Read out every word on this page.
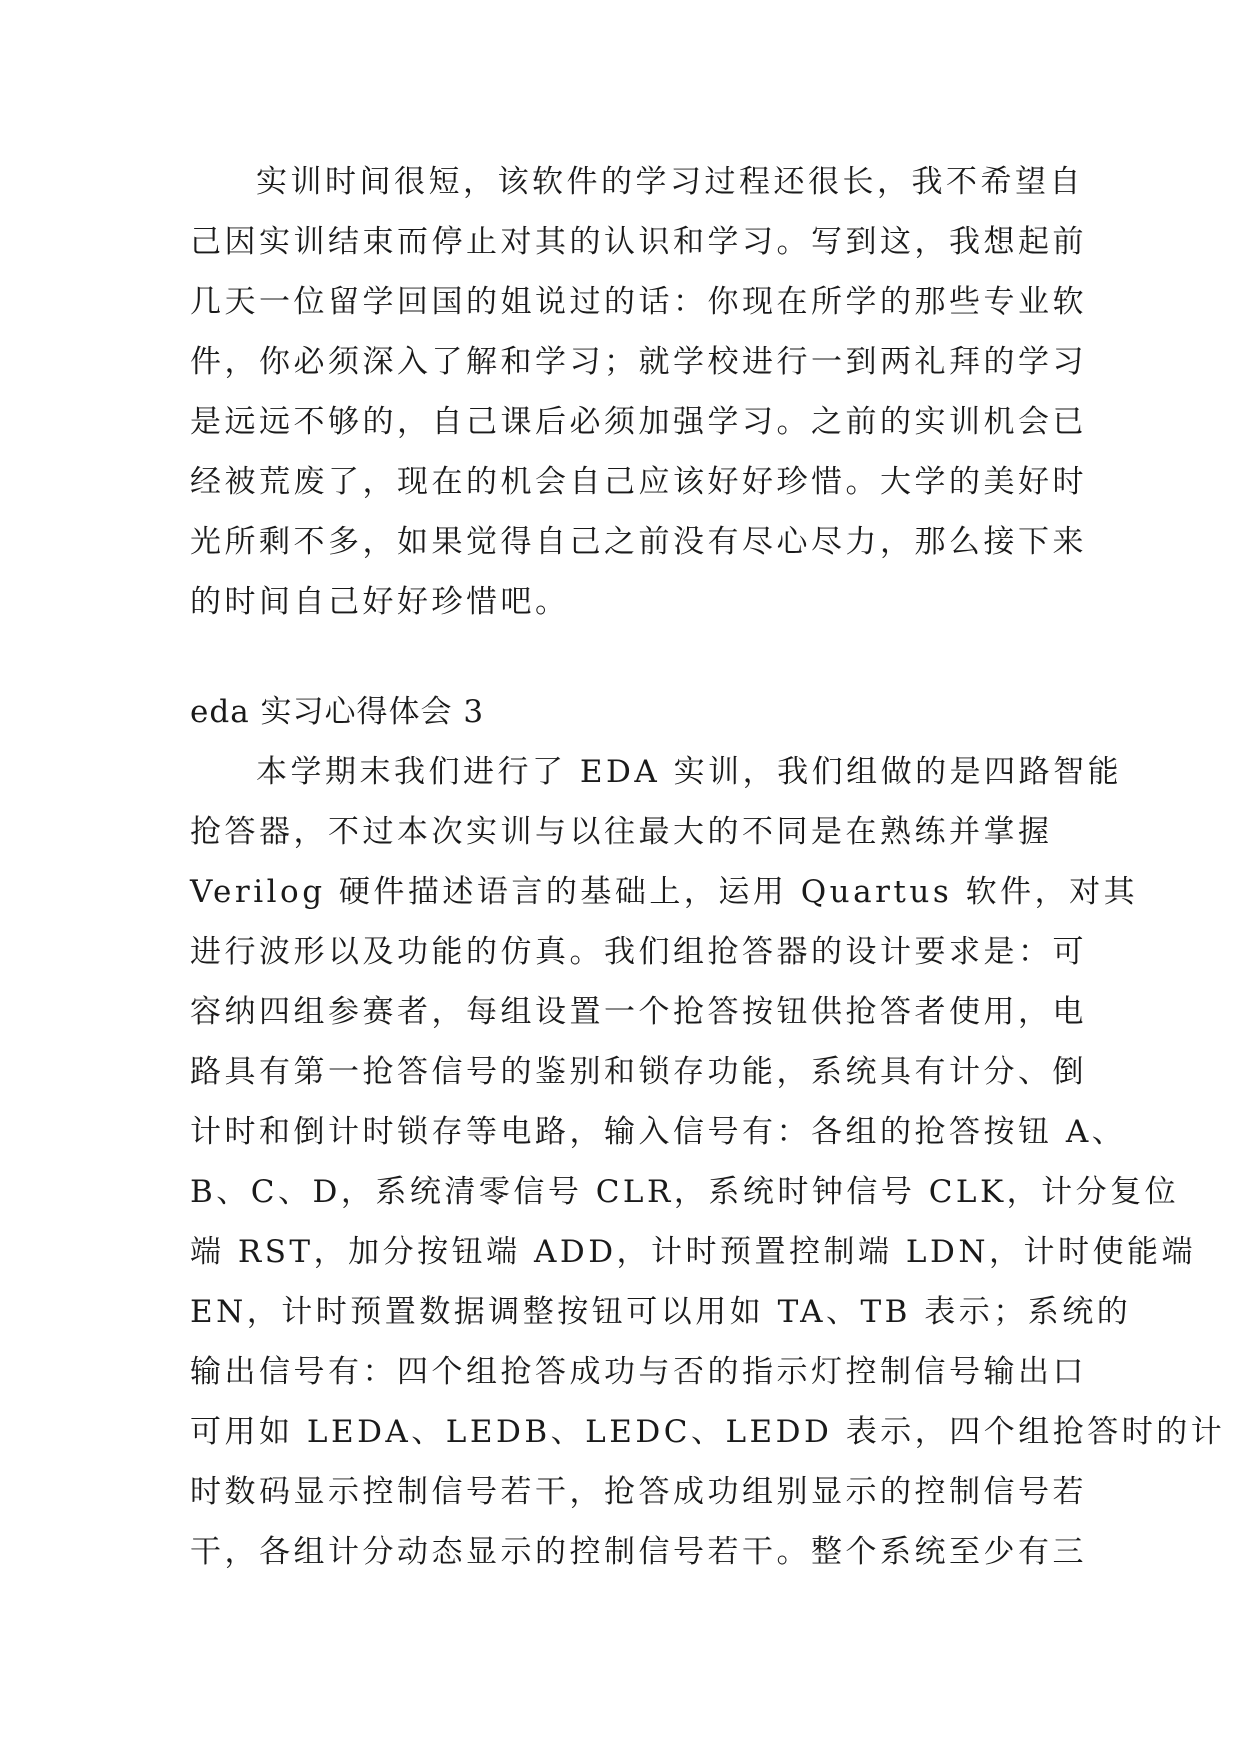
实训时间很短，该软件的学习过程还很长，我不希望自
己因实训结束而停止对其的认识和学习。写到这，我想起前
几天一位留学回国的姐说过的话：你现在所学的那些专业软
件，你必须深入了解和学习；就学校进行一到两礼拜的学习
是远远不够的，自己课后必须加强学习。之前的实训机会已
经被荒废了，现在的机会自己应该好好珍惜。大学的美好时
光所剩不多，如果觉得自己之前没有尽心尽力，那么接下来
的时间自己好好珍惜吧。
eda 实习心得体会 3
本学期末我们进行了 EDA 实训，我们组做的是四路智能
抢答器，不过本次实训与以往最大的不同是在熟练并掌握
Verilog 硬件描述语言的基础上，运用 Quartus 软件，对其
进行波形以及功能的仿真。我们组抢答器的设计要求是：可
容纳四组参赛者，每组设置一个抢答按钮供抢答者使用，电
路具有第一抢答信号的鉴别和锁存功能，系统具有计分、倒
计时和倒计时锁存等电路，输入信号有：各组的抢答按钮 A、
B、C、D，系统清零信号 CLR，系统时钟信号 CLK，计分复位
端 RST，加分按钮端 ADD，计时预置控制端 LDN，计时使能端
EN，计时预置数据调整按钮可以用如 TA、TB 表示；系统的
输出信号有：四个组抢答成功与否的指示灯控制信号输出口
可用如 LEDA、LEDB、LEDC、LEDD 表示，四个组抢答时的计
时数码显示控制信号若干，抢答成功组别显示的控制信号若
干，各组计分动态显示的控制信号若干。整个系统至少有三
